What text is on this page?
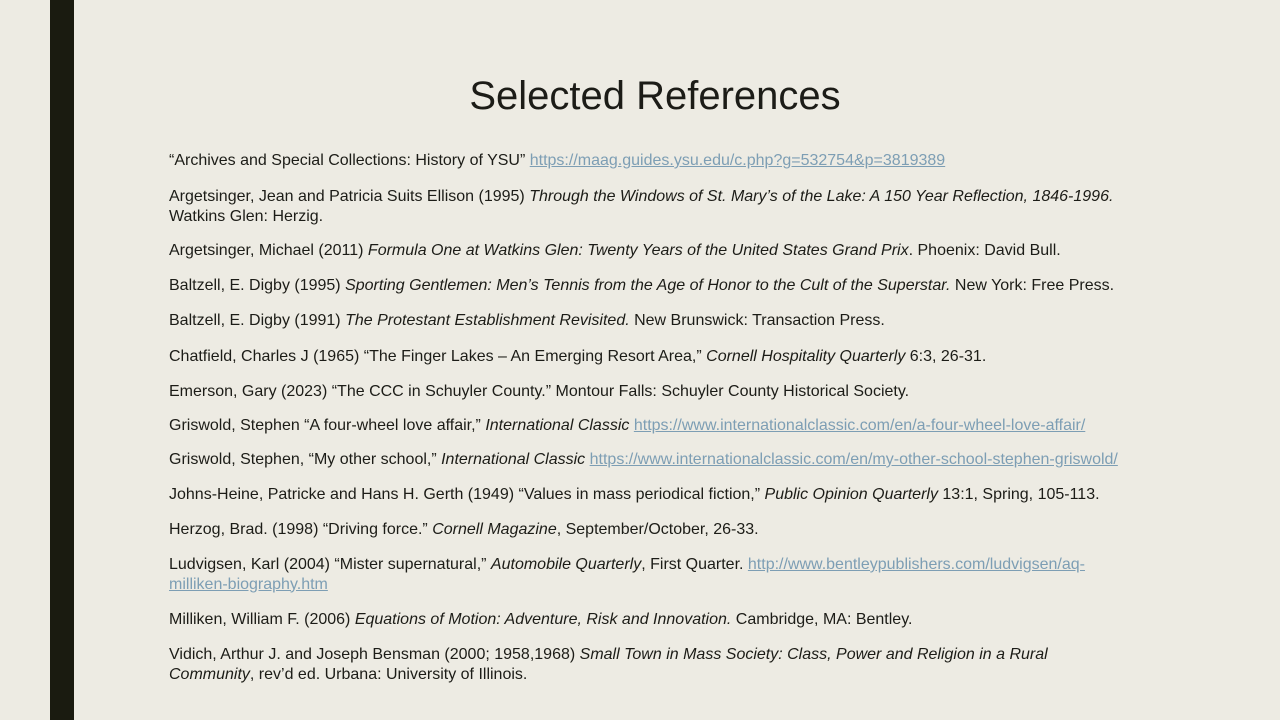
Selected References
“Archives and Special Collections: History of YSU” https://maag.guides.ysu.edu/c.php?g=532754&p=3819389
Argetsinger, Jean and Patricia Suits Ellison (1995) Through the Windows of St. Mary’s of the Lake: A 150 Year Reflection, 1846-1996. Watkins Glen: Herzig.
Argetsinger, Michael (2011) Formula One at Watkins Glen: Twenty Years of the United States Grand Prix. Phoenix: David Bull.
Baltzell, E. Digby (1995) Sporting Gentlemen: Men’s Tennis from the Age of Honor to the Cult of the Superstar. New York: Free Press.
Baltzell, E. Digby (1991) The Protestant Establishment Revisited. New Brunswick: Transaction Press.
Chatfield, Charles J (1965) “The Finger Lakes – An Emerging Resort Area,” Cornell Hospitality Quarterly 6:3, 26-31.
Emerson, Gary (2023) “The CCC in Schuyler County.” Montour Falls: Schuyler County Historical Society.
Griswold, Stephen “A four-wheel love affair,” International Classic https://www.internationalclassic.com/en/a-four-wheel-love-affair/
Griswold, Stephen, “My other school,” International Classic https://www.internationalclassic.com/en/my-other-school-stephen-griswold/
Johns-Heine, Patricke and Hans H. Gerth (1949) “Values in mass periodical fiction,” Public Opinion Quarterly 13:1, Spring, 105-113.
Herzog, Brad. (1998) “Driving force.” Cornell Magazine, September/October, 26-33.
Ludvigsen, Karl (2004) “Mister supernatural,” Automobile Quarterly, First Quarter. http://www.bentleypublishers.com/ludvigsen/aq-milliken-biography.htm
Milliken, William F. (2006) Equations of Motion: Adventure, Risk and Innovation. Cambridge, MA: Bentley.
Vidich, Arthur J. and Joseph Bensman (2000; 1958,1968) Small Town in Mass Society: Class, Power and Religion in a Rural Community, rev’d ed. Urbana: University of Illinois.
